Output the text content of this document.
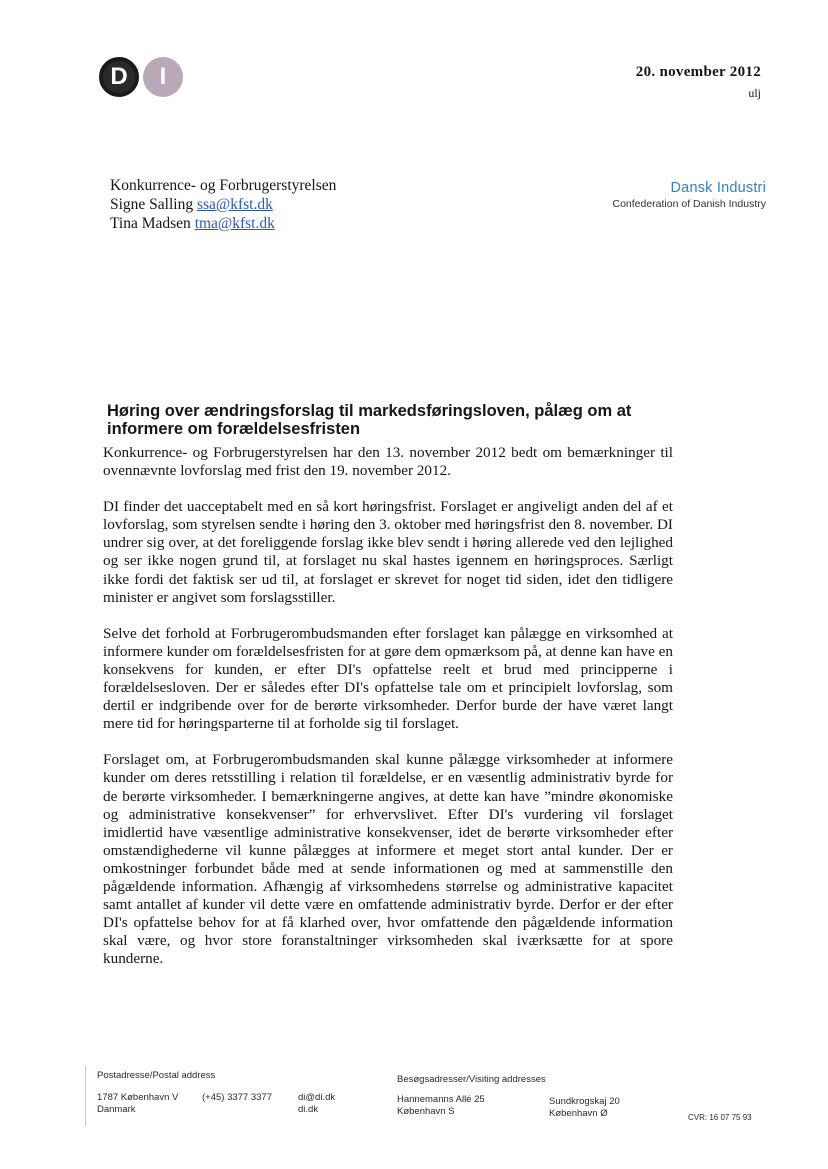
D	I	20. november 2012
ulj
Konkurrence- og Forbrugerstyrelsen
Signe Salling ssa@kfst.dk
Tina Madsen tma@kfst.dk
Dansk Industri
Confederation of Danish Industry
Høring over ændringsforslag til markedsføringsloven, pålæg om at informere om forældelsesfristen

Konkurrence- og Forbrugerstyrelsen har den 13. november 2012 bedt om bemærkninger til ovennævnte lovforslag med frist den 19. november 2012.

DI finder det uacceptabelt med en så kort høringsfrist. Forslaget er angiveligt anden del af et lovforslag, som styrelsen sendte i høring den 3. oktober med høringsfrist den 8. november. DI undrer sig over, at det foreliggende forslag ikke blev sendt i høring allerede ved den lejlighed og ser ikke nogen grund til, at forslaget nu skal hastes igennem en høringsproces. Særligt ikke fordi det faktisk ser ud til, at forslaget er skrevet for noget tid siden, idet den tidligere minister er angivet som forslagsstiller.

Selve det forhold at Forbrugerombudsmanden efter forslaget kan pålægge en virksomhed at informere kunder om forældelsesfristen for at gøre dem opmærksom på, at denne kan have en konsekvens for kunden, er efter DI's opfattelse reelt et brud med principperne i forældelsesloven. Der er således efter DI's opfattelse tale om et principielt lovforslag, som dertil er indgribende over for de berørte virksomheder. Derfor burde der have været langt mere tid for høringsparterne til at forholde sig til forslaget.

Forslaget om, at Forbrugerombudsmanden skal kunne pålægge virksomheder at informere kunder om deres retsstilling i relation til forældelse, er en væsentlig administrativ byrde for de berørte virksomheder. I bemærkningerne angives, at dette kan have ”mindre økonomiske og administrative konsekvenser” for erhvervslivet. Efter DI's vurdering vil forslaget imidlertid have væsentlige administrative konsekvenser, idet de berørte virksomheder efter omstændighederne vil kunne pålægges at informere et meget stort antal kunder. Der er omkostninger forbundet både med at sende informationen og med at sammenstille den pågældende information. Afhængig af virksomhedens størrelse og administrative kapacitet samt antallet af kunder vil dette være en omfattende administrativ byrde. Derfor er der efter DI's opfattelse behov for at få klarhed over, hvor omfattende den pågældende information skal være, og hvor store foranstaltninger virksomheden skal iværksætte for at spore kunderne.

Postadresse/Postal address
1787 København V
Danmark
(+45) 3377 3377	di@di.dk
di.dk
Besøgsadresser/Visiting addresses
Hannemanns Allé 25
København S
Sundkrogskaj 20
København Ø	CVR: 16 07 75 93
